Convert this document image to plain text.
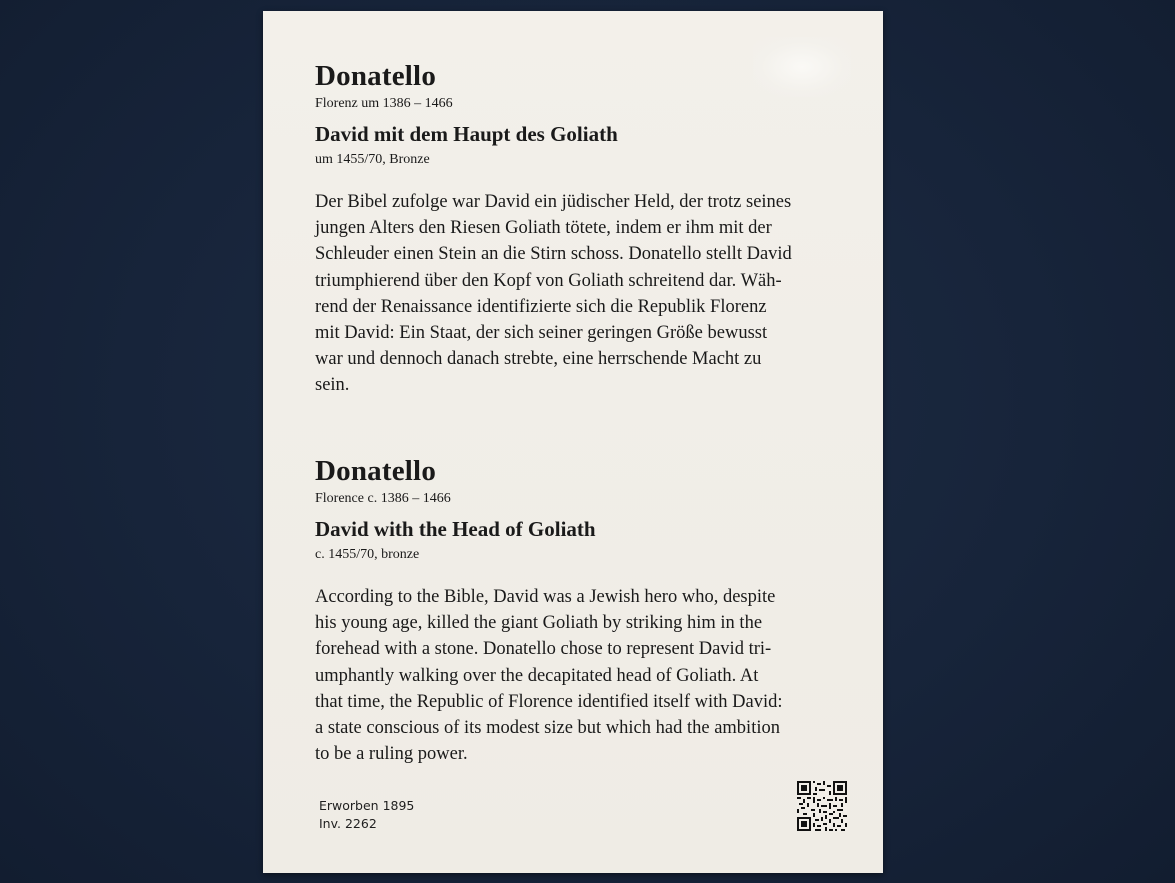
Donatello
Florenz um 1386 – 1466
David mit dem Haupt des Goliath
um 1455/70, Bronze
Der Bibel zufolge war David ein jüdischer Held, der trotz seines
jungen Alters den Riesen Goliath tötete, indem er ihm mit der
Schleuder einen Stein an die Stirn schoss. Donatello stellt David
triumphierend über den Kopf von Goliath schreitend dar. Wäh-
rend der Renaissance identifizierte sich die Republik Florenz
mit David: Ein Staat, der sich seiner geringen Größe bewusst
war und dennoch danach strebte, eine herrschende Macht zu
sein.
Donatello
Florence c. 1386 – 1466
David with the Head of Goliath
c. 1455/70, bronze
According to the Bible, David was a Jewish hero who, despite
his young age, killed the giant Goliath by striking him in the
forehead with a stone. Donatello chose to represent David tri-
umphantly walking over the decapitated head of Goliath. At
that time, the Republic of Florence identified itself with David:
a state conscious of its modest size but which had the ambition
to be a ruling power.
Erworben 1895
Inv. 2262
